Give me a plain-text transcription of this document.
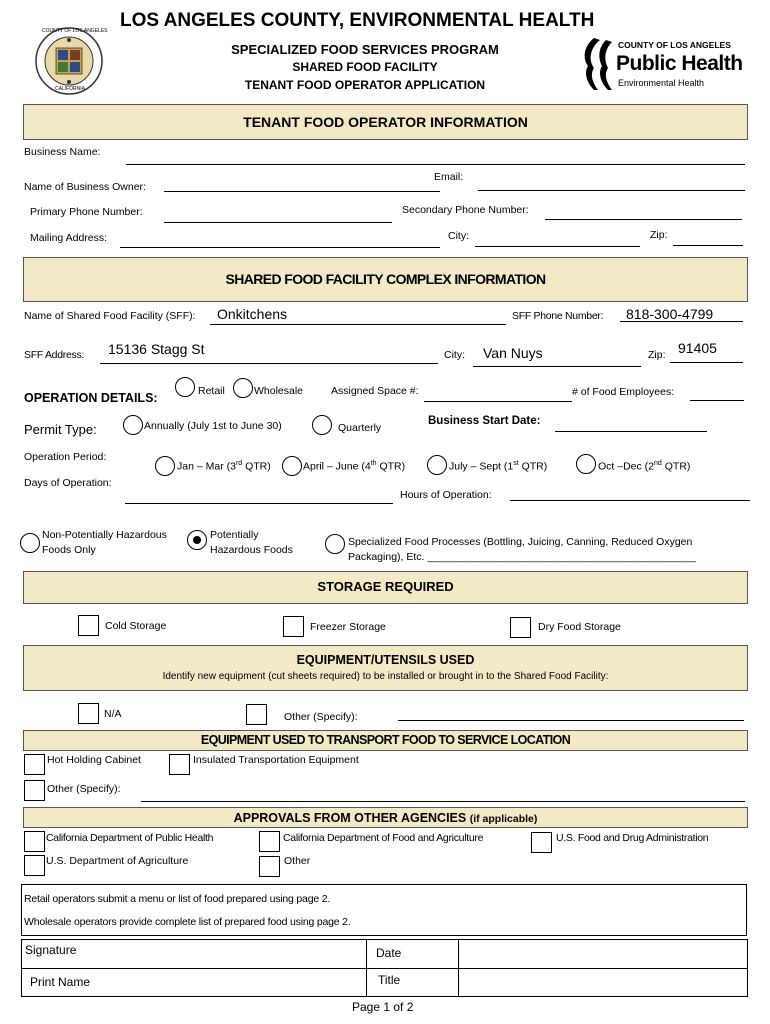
COUNTY OF LOS ANGELES
CALIFORNIA
LOS ANGELES COUNTY, ENVIRONMENTAL HEALTH
SPECIALIZED FOOD SERVICES PROGRAM
SHARED FOOD FACILITY
TENANT FOOD OPERATOR APPLICATION
COUNTY OF LOS ANGELES
Public Health
Environmental Health
TENANT FOOD OPERATOR INFORMATION
Business Name:
Email:
Name of Business Owner:
Secondary Phone Number:
Primary Phone Number:
City:	Zip:
Mailing Address:
SHARED FOOD FACILITY COMPLEX INFORMATION
Name of Shared Food Facility (SFF): Onkitchens	SFF Phone Number: 818-300-4799
SFF Address: 15136 Stagg St	City: Van Nuys	Zip: 91405
OPERATION DETAILS:	Retail	Wholesale	Assigned Space #:	# of Food Employees:
Permit Type:	Annually (July 1st to June 30)	Quarterly
Business Start Date:
Operation Period:
Jan – Mar (3rd QTR)	April – June (4th QTR)	July – Sept (1st QTR)	Oct –Dec (2nd QTR)
Days of Operation:
Hours of Operation:
Non-Potentially Hazardous
Foods Only
Potentially
Hazardous Foods
Specialized Food Processes (Bottling, Juicing, Canning, Reduced Oxygen
Packaging), Etc. ______________________________________________
STORAGE REQUIRED
Cold Storage	Freezer Storage	Dry Food Storage
EQUIPMENT/UTENSILS USED
Identify new equipment (cut sheets required) to be installed or brought in to the Shared Food Facility:
N/A	Other (Specify):
EQUIPMENT USED TO TRANSPORT FOOD TO SERVICE LOCATION
Hot Holding Cabinet	Insulated Transportation Equipment
Other (Specify):
APPROVALS FROM OTHER AGENCIES (if applicable)
California Department of Public Health	California Department of Food and Agriculture	U.S. Food and Drug Administration
U.S. Department of Agriculture	Other
Retail operators submit a menu or list of food prepared using page 2.
Wholesale operators provide complete list of prepared food using page 2.
Signature	Date
Print Name	Title
Page 1 of 2
